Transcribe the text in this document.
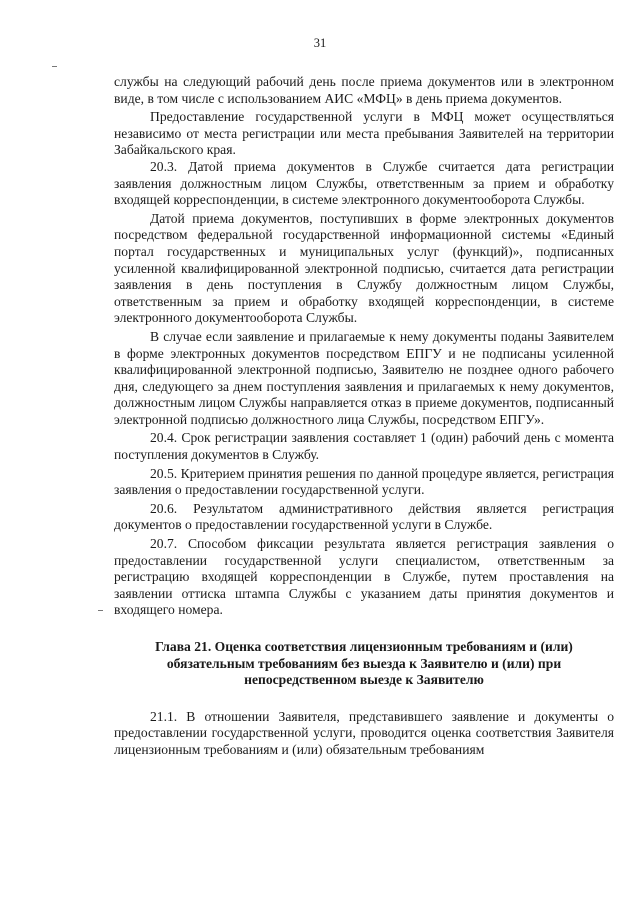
31

службы на следующий рабочий день после приема документов или в электронном виде, в том числе с использованием АИС «МФЦ» в день приема документов.

Предоставление государственной услуги в МФЦ может осуществляться независимо от места регистрации или места пребывания Заявителей на территории Забайкальского края.

20.3. Датой приема документов в Службе считается дата регистрации заявления должностным лицом Службы, ответственным за прием и обработку входящей корреспонденции, в системе электронного документооборота Службы.

Датой приема документов, поступивших в форме электронных документов посредством федеральной государственной информационной системы «Единый портал государственных и муниципальных услуг (функций)», подписанных усиленной квалифицированной электронной подписью, считается дата регистрации заявления в день поступления в Службу должностным лицом Службы, ответственным за прием и обработку входящей корреспонденции, в системе электронного документооборота Службы.

В случае если заявление и прилагаемые к нему документы поданы Заявителем в форме электронных документов посредством ЕПГУ и не подписаны усиленной квалифицированной электронной подписью, Заявителю не позднее одного рабочего дня, следующего за днем поступления заявления и прилагаемых к нему документов, должностным лицом Службы направляется отказ в приеме документов, подписанный электронной подписью должностного лица Службы, посредством ЕПГУ».

20.4. Срок регистрации заявления составляет 1 (один) рабочий день с момента поступления документов в Службу.

20.5. Критерием принятия решения по данной процедуре является, регистрация заявления о предоставлении государственной услуги.

20.6. Результатом административного действия является регистрация документов о предоставлении государственной услуги в Службе.

20.7. Способом фиксации результата является регистрация заявления о предоставлении государственной услуги специалистом, ответственным за регистрацию входящей корреспонденции в Службе, путем проставления на заявлении оттиска штампа Службы с указанием даты принятия документов и входящего номера.

Глава 21. Оценка соответствия лицензионным требованиям и (или) обязательным требованиям без выезда к Заявителю и (или) при непосредственном выезде к Заявителю

21.1. В отношении Заявителя, представившего заявление и документы о предоставлении государственной услуги, проводится оценка соответствия Заявителя лицензионным требованиям и (или) обязательным требованиям
